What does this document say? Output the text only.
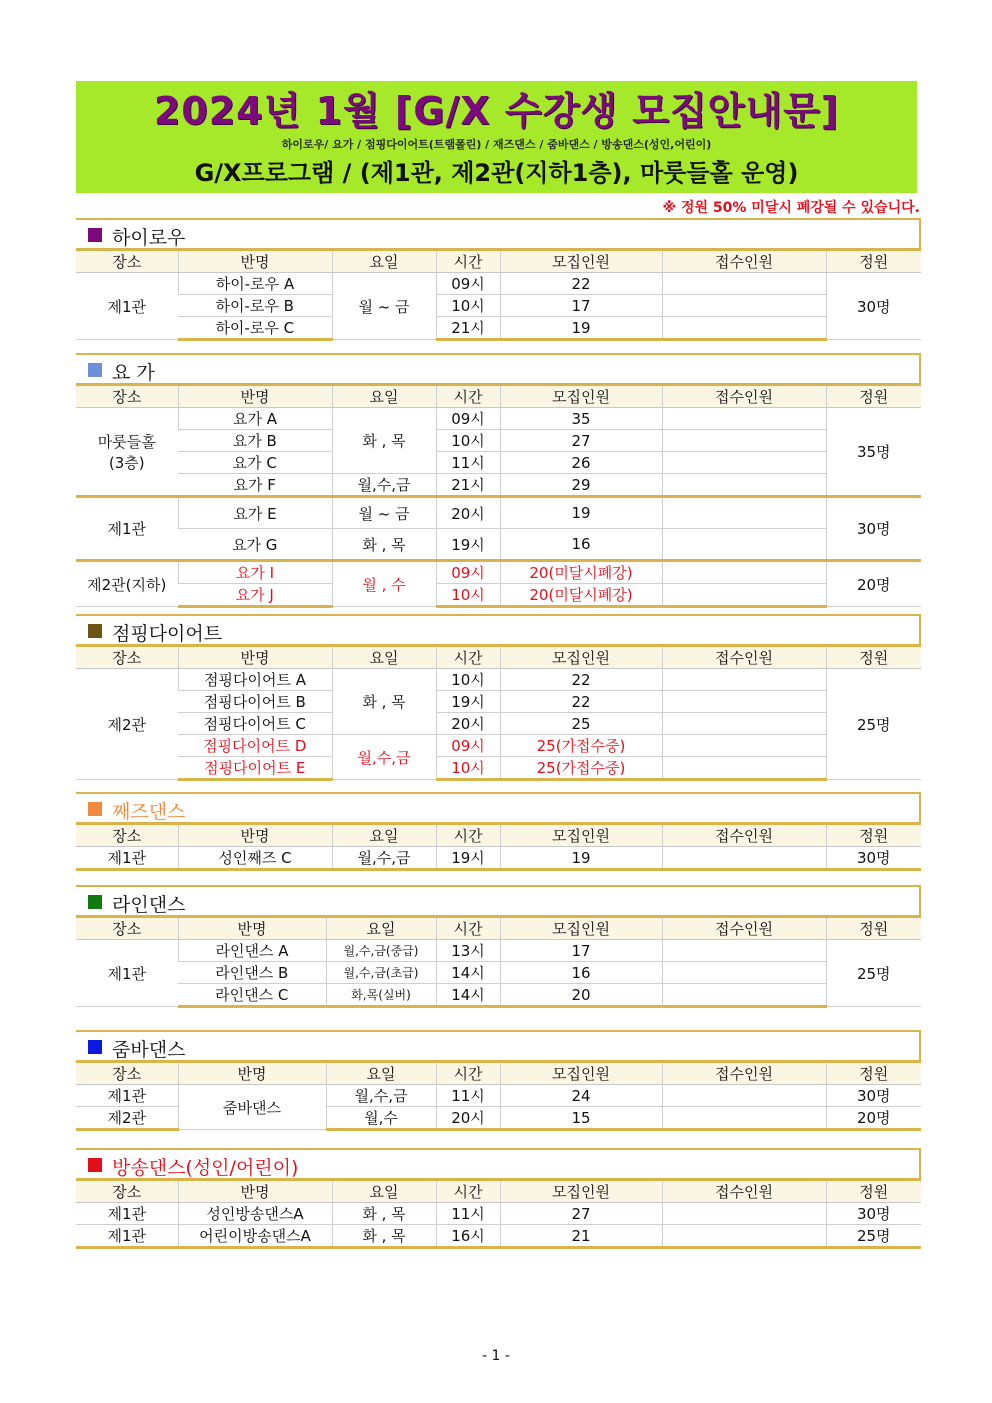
2024년 1월 [G/X 수강생 모집안내문]
하이로우/ 요가 / 점핑다이어트(트램폴린) / 재즈댄스 / 줌바댄스 / 방송댄스(성인,어린이)
G/X프로그램 / (제1관, 제2관(지하1층), 마룻들홀 운영)
※ 정원 50% 미달시 폐강될 수 있습니다.
하이로우
장소	반명	요일	시간	모집인원	접수인원	정원
제1관	하이-로우 A	월 ~ 금	09시	22		30명
	하이-로우 B		10시	17		
	하이-로우 C		21시	19		
요 가
장소	반명	요일	시간	모집인원	접수인원	정원
마룻들홀
(3층)	요가 A	화 , 목	09시	35		35명
	요가 B		10시	27		
	요가 C		11시	26		
	요가 F	월,수,금	21시	29		
제1관	요가 E	월 ~ 금	20시	19		30명
	요가 G	화 , 목	19시	16		
제2관(지하)	요가 I	월 , 수	09시	20(미달시폐강)		20명
	요가 J		10시	20(미달시폐강)		
점핑다이어트
장소	반명	요일	시간	모집인원	접수인원	정원
제2관	점핑다이어트 A	화 , 목	10시	22		25명
	점핑다이어트 B		19시	22		
	점핑다이어트 C		20시	25		
	점핑다이어트 D	월,수,금	09시	25(가접수중)		
	점핑다이어트 E		10시	25(가접수중)		
째즈댄스
장소	반명	요일	시간	모집인원	접수인원	정원
제1관	성인째즈 C	월,수,금	19시	19		30명
라인댄스
장소	반명	요일	시간	모집인원	접수인원	정원
제1관	라인댄스 A	월,수,금(중급)	13시	17		25명
	라인댄스 B	월,수,금(초급)	14시	16		
	라인댄스 C	화,목(실버)	14시	20		
줌바댄스
장소	반명	요일	시간	모집인원	접수인원	정원
제1관	줌바댄스	월,수,금	11시	24		30명
제2관		월,수	20시	15		20명
방송댄스(성인/어린이)
장소	반명	요일	시간	모집인원	접수인원	정원
제1관	성인방송댄스A	화 , 목	11시	27		30명
제1관	어린이방송댄스A	화 , 목	16시	21		25명
- 1 -
